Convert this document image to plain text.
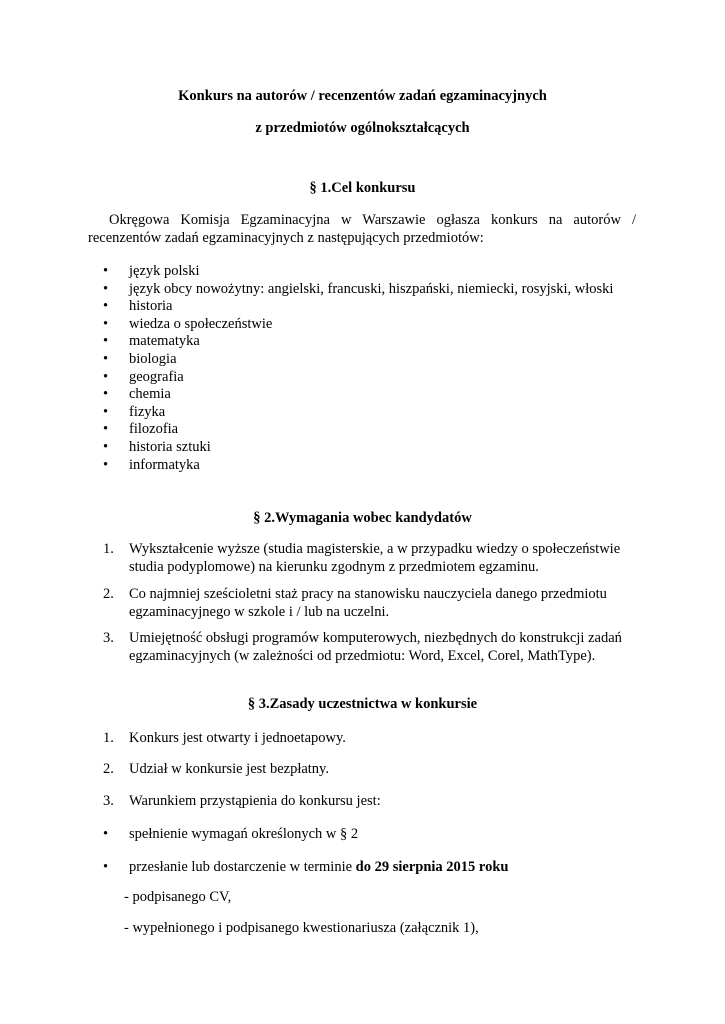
Konkurs na autorów / recenzentów zadań egzaminacyjnych

z przedmiotów ogólnokształcących

§ 1.Cel konkursu

Okręgowa Komisja Egzaminacyjna w Warszawie ogłasza konkurs na autorów / recenzentów zadań egzaminacyjnych z następujących przedmiotów:

• język polski
• język obcy nowożytny: angielski, francuski, hiszpański, niemiecki, rosyjski, włoski
• historia
• wiedza o społeczeństwie
• matematyka
• biologia
• geografia
• chemia
• fizyka
• filozofia
• historia sztuki
• informatyka

§ 2.Wymagania wobec kandydatów

1.	Wykształcenie wyższe (studia magisterskie, a w przypadku wiedzy o społeczeństwie studia podyplomowe) na kierunku zgodnym z przedmiotem egzaminu.
2.	Co najmniej sześcioletni staż pracy na stanowisku nauczyciela danego przedmiotu egzaminacyjnego w szkole i / lub na uczelni.
3.	Umiejętność obsługi programów komputerowych, niezbędnych do konstrukcji zadań egzaminacyjnych (w zależności od przedmiotu: Word, Excel, Corel, MathType).

§ 3.Zasady uczestnictwa w konkursie

1.	Konkurs jest otwarty i jednoetapowy.
2.	Udział w konkursie jest bezpłatny.
3.	Warunkiem przystąpienia do konkursu jest:
•	spełnienie wymagań określonych w § 2
•	przesłanie lub dostarczenie w terminie do 29 sierpnia 2015 roku
- podpisanego CV,
- wypełnionego i podpisanego kwestionariusza (załącznik 1),
